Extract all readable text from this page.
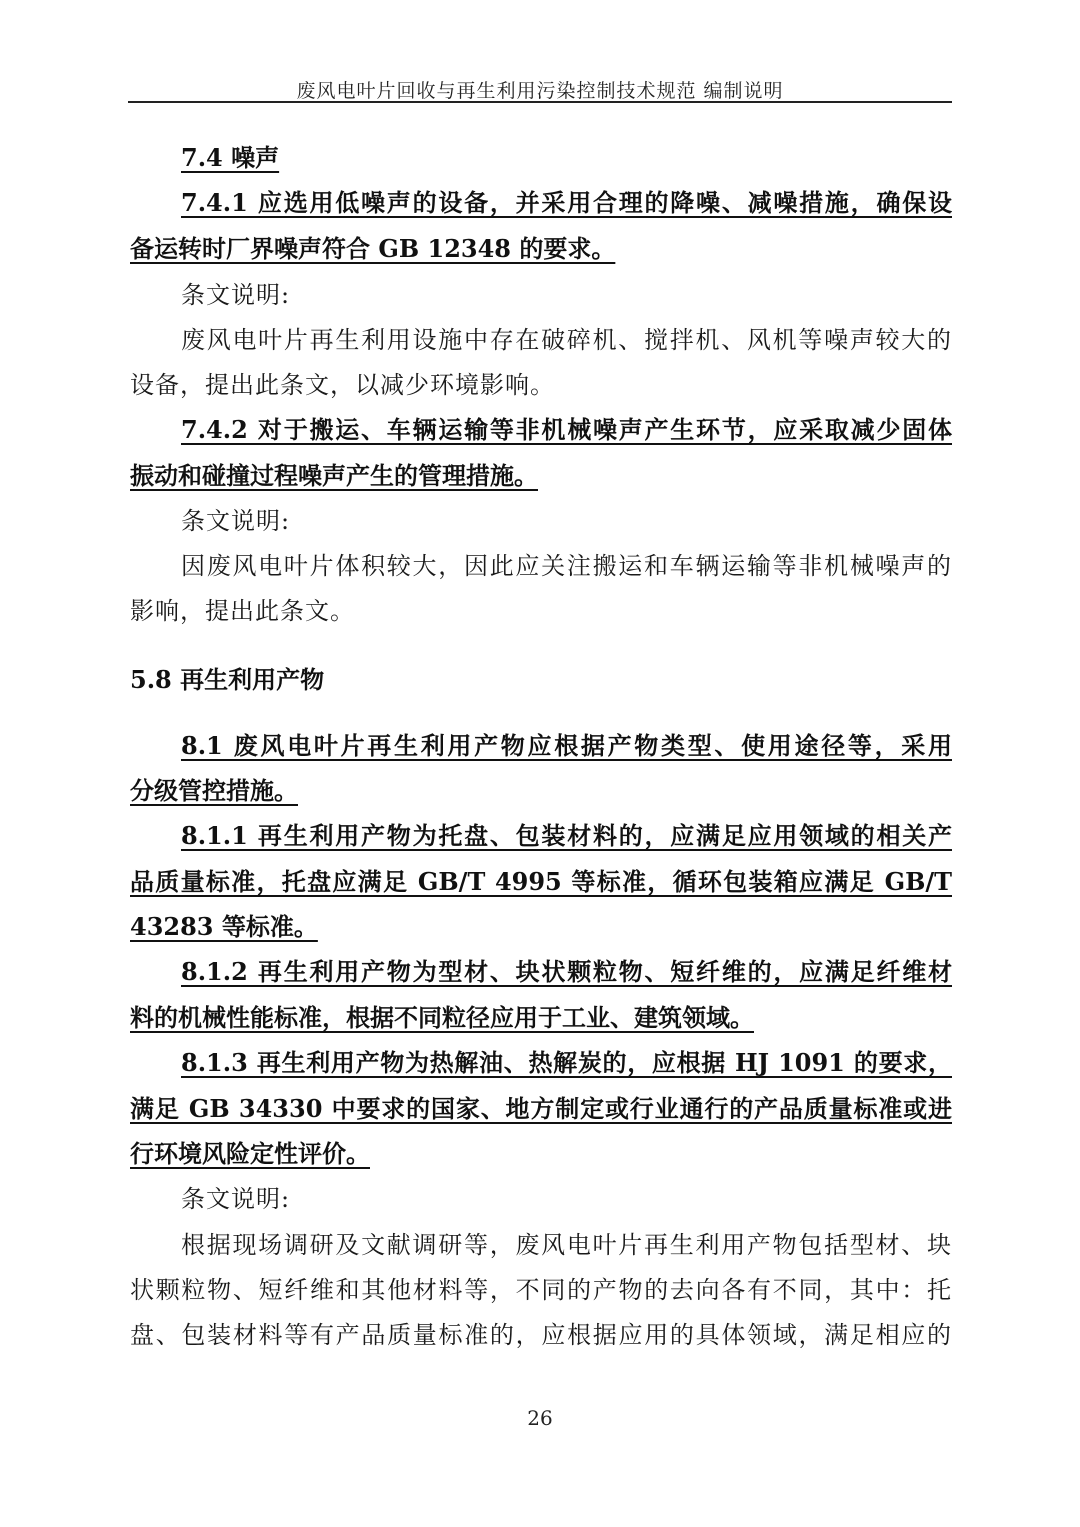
废风电叶片回收与再生利用污染控制技术规范 编制说明
7.4 噪声
7.4.1 应选用低噪声的设备，并采用合理的降噪、减噪措施，确保设
备运转时厂界噪声符合 GB 12348 的要求。
条文说明:
废风电叶片再生利用设施中存在破碎机、搅拌机、风机等噪声较大的
设备，提出此条文，以减少环境影响。
7.4.2 对于搬运、车辆运输等非机械噪声产生环节，应采取减少固体
振动和碰撞过程噪声产生的管理措施。
条文说明:
因废风电叶片体积较大，因此应关注搬运和车辆运输等非机械噪声的
影响，提出此条文。
5.8 再生利用产物
8.1 废风电叶片再生利用产物应根据产物类型、使用途径等，采用
分级管控措施。
8.1.1 再生利用产物为托盘、包装材料的，应满足应用领域的相关产
品质量标准，托盘应满足 GB/T 4995 等标准，循环包装箱应满足 GB/T
43283 等标准。
8.1.2 再生利用产物为型材、块状颗粒物、短纤维的，应满足纤维材
料的机械性能标准，根据不同粒径应用于工业、建筑领域。
8.1.3 再生利用产物为热解油、热解炭的，应根据 HJ 1091 的要求，
满足 GB 34330 中要求的国家、地方制定或行业通行的产品质量标准或进
行环境风险定性评价。
条文说明:
根据现场调研及文献调研等，废风电叶片再生利用产物包括型材、块
状颗粒物、短纤维和其他材料等，不同的产物的去向各有不同，其中：托
盘、包装材料等有产品质量标准的，应根据应用的具体领域，满足相应的
26
